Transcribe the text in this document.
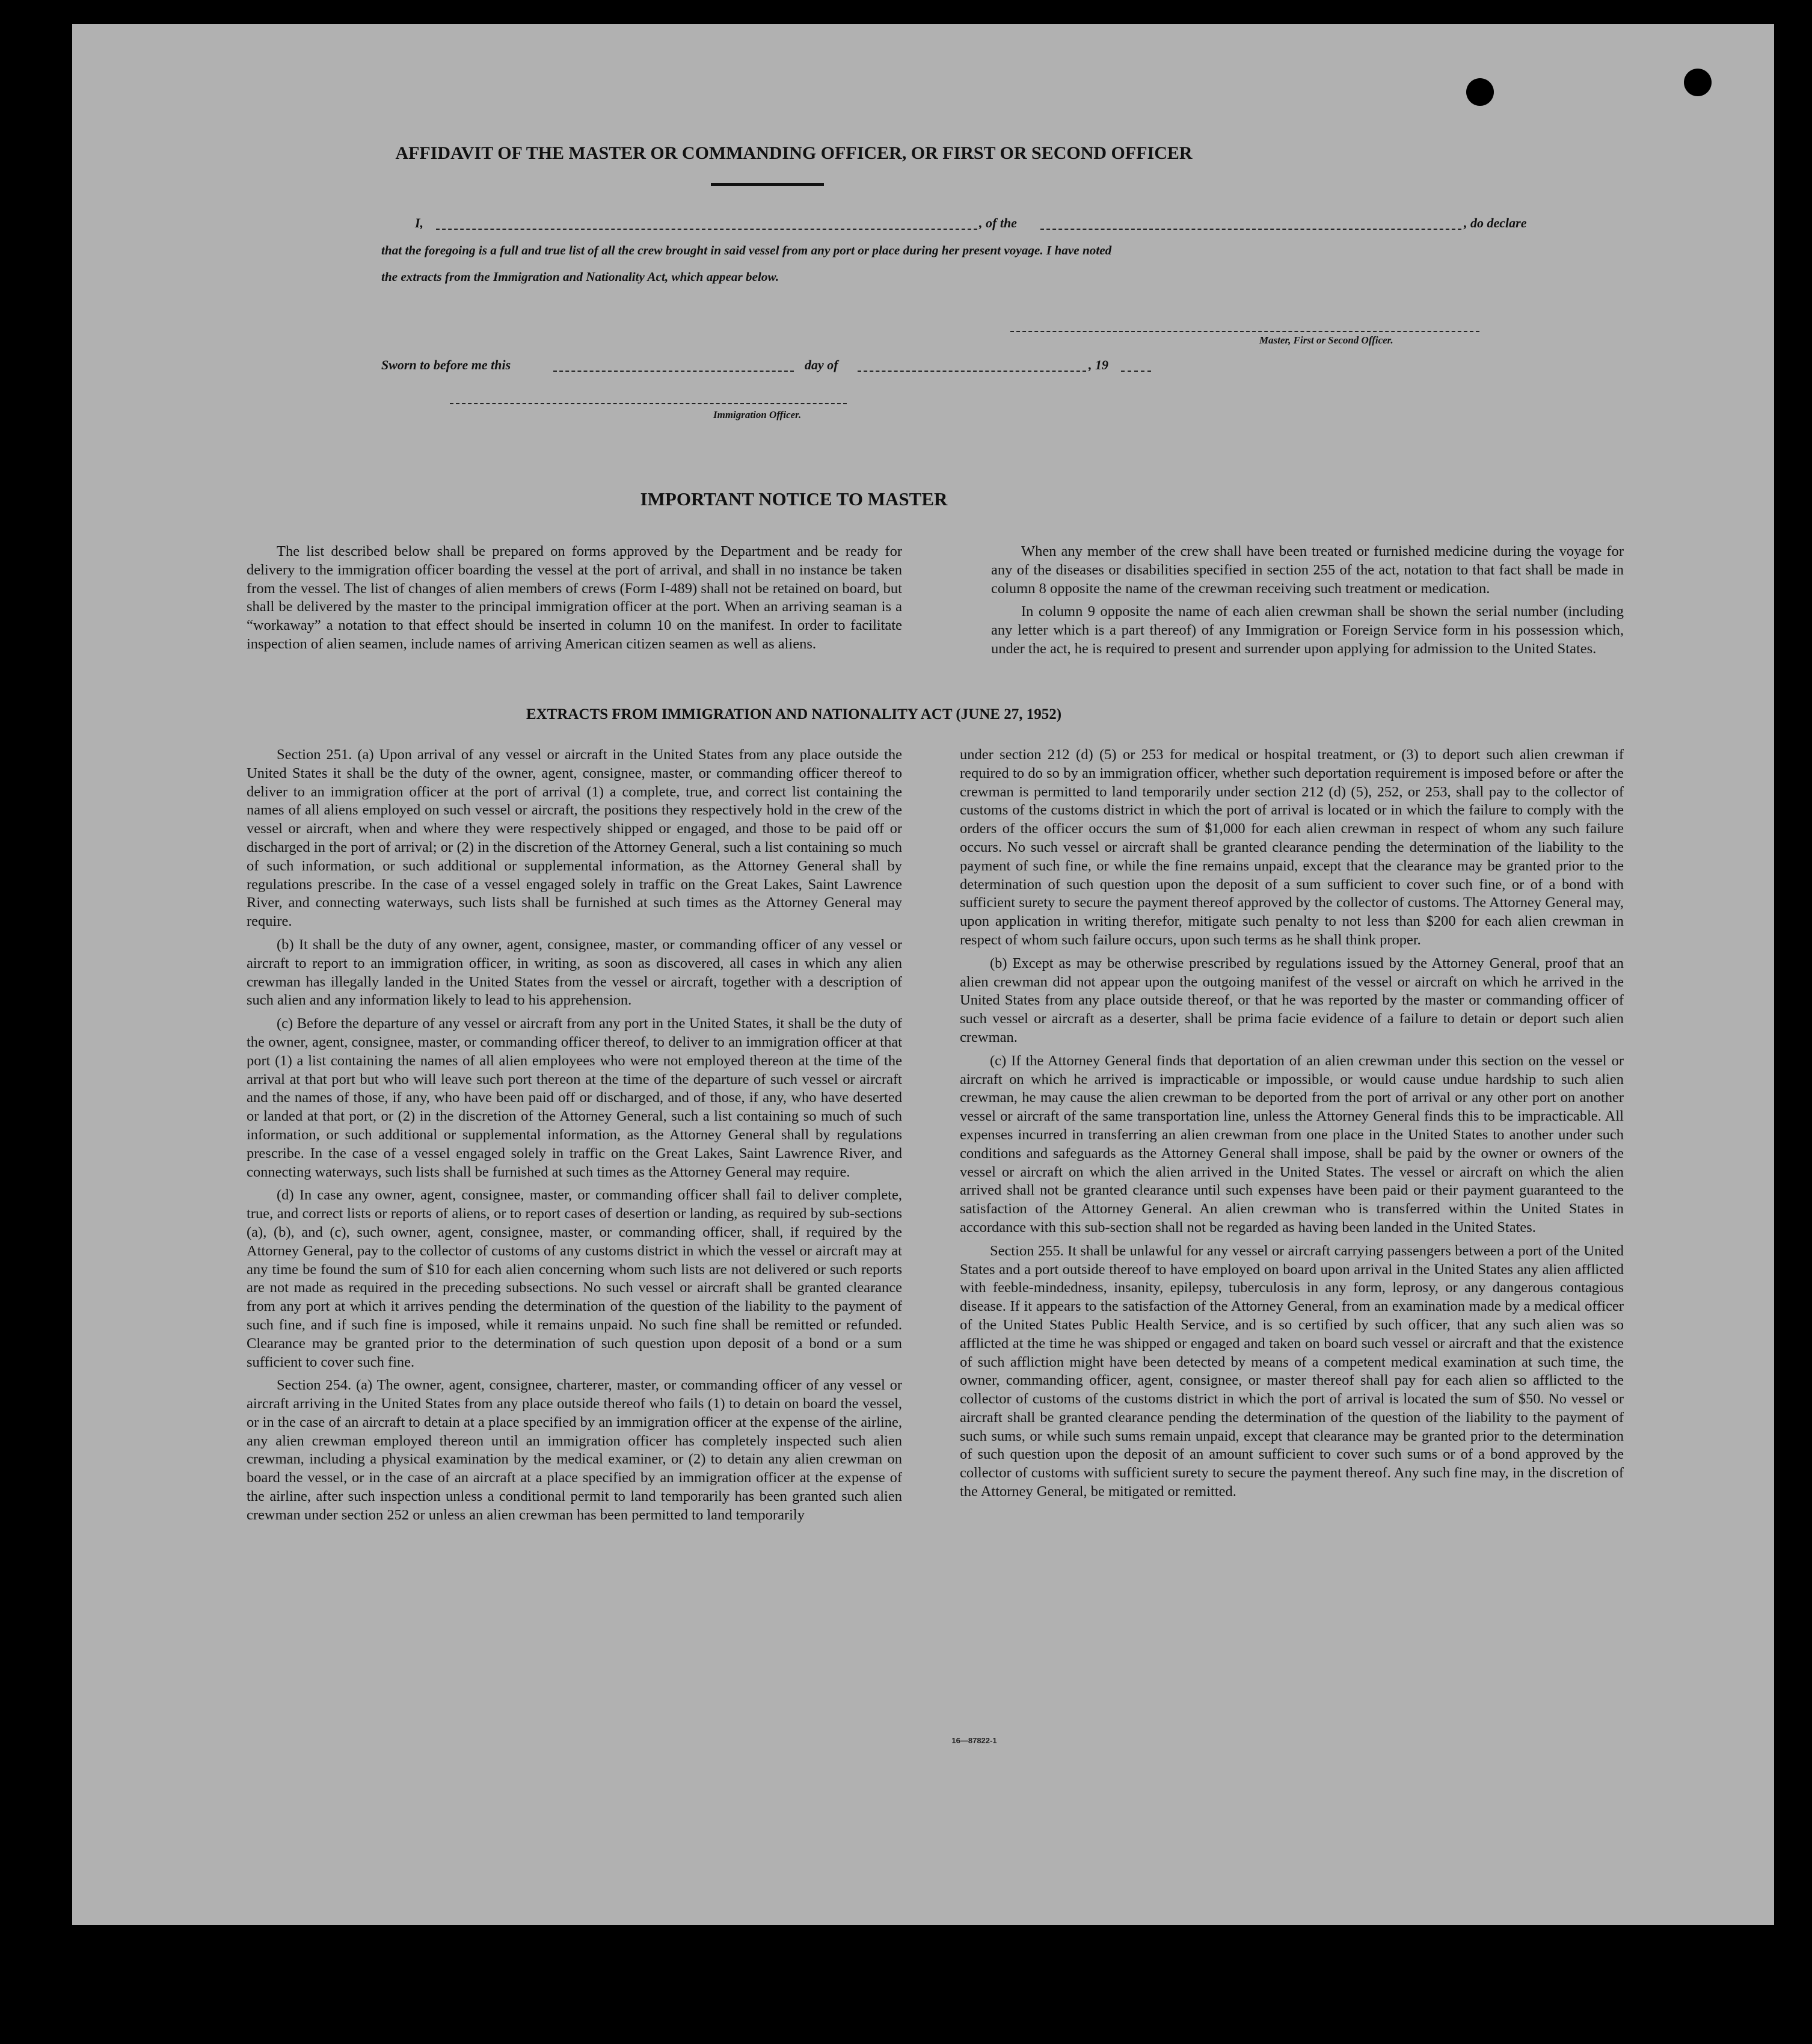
AFFIDAVIT OF THE MASTER OR COMMANDING OFFICER, OR FIRST OR SECOND OFFICER
I,	, of the	, do declare
that the foregoing is a full and true list of all the crew brought in said vessel from any port or place during her present voyage. I have noted
the extracts from the Immigration and Nationality Act, which appear below.
Master, First or Second Officer.
Sworn to before me this	day of	, 19
Immigration Officer.
IMPORTANT NOTICE TO MASTER

The list described below shall be prepared on forms approved by the Department and be ready for delivery to the immigration officer boarding the vessel at the port of arrival, and shall in no instance be taken from the vessel. The list of changes of alien members of crews (Form I-489) shall not be retained on board, but shall be delivered by the master to the principal immigration officer at the port. When an arriving seaman is a “workaway” a notation to that effect should be inserted in column 10 on the manifest. In order to facilitate inspection of alien seamen, include names of arriving American citizen seamen as well as aliens.

When any member of the crew shall have been treated or furnished medicine during the voyage for any of the diseases or disabilities specified in section 255 of the act, notation to that fact shall be made in column 8 opposite the name of the crewman receiving such treatment or medication.

In column 9 opposite the name of each alien crewman shall be shown the serial number (including any letter which is a part thereof) of any Immigration or Foreign Service form in his possession which, under the act, he is required to present and surrender upon applying for admission to the United States.

EXTRACTS FROM IMMIGRATION AND NATIONALITY ACT (JUNE 27, 1952)

Section 251. (a) Upon arrival of any vessel or aircraft in the United States from any place outside the United States it shall be the duty of the owner, agent, consignee, master, or commanding officer thereof to deliver to an immigration officer at the port of arrival (1) a complete, true, and correct list containing the names of all aliens employed on such vessel or aircraft, the positions they respectively hold in the crew of the vessel or aircraft, when and where they were respectively shipped or engaged, and those to be paid off or discharged in the port of arrival; or (2) in the discretion of the Attorney General, such a list containing so much of such information, or such additional or supplemental information, as the Attorney General shall by regulations prescribe. In the case of a vessel engaged solely in traffic on the Great Lakes, Saint Lawrence River, and connecting waterways, such lists shall be furnished at such times as the Attorney General may require.

(b) It shall be the duty of any owner, agent, consignee, master, or commanding officer of any vessel or aircraft to report to an immigration officer, in writing, as soon as discovered, all cases in which any alien crewman has illegally landed in the United States from the vessel or aircraft, together with a description of such alien and any information likely to lead to his apprehension.

(c) Before the departure of any vessel or aircraft from any port in the United States, it shall be the duty of the owner, agent, consignee, master, or commanding officer thereof, to deliver to an immigration officer at that port (1) a list containing the names of all alien employees who were not employed thereon at the time of the arrival at that port but who will leave such port thereon at the time of the departure of such vessel or aircraft and the names of those, if any, who have been paid off or discharged, and of those, if any, who have deserted or landed at that port, or (2) in the discretion of the Attorney General, such a list containing so much of such information, or such additional or supplemental information, as the Attorney General shall by regulations prescribe. In the case of a vessel engaged solely in traffic on the Great Lakes, Saint Lawrence River, and connecting waterways, such lists shall be furnished at such times as the Attorney General may require.

(d) In case any owner, agent, consignee, master, or commanding officer shall fail to deliver complete, true, and correct lists or reports of aliens, or to report cases of desertion or landing, as required by sub-sections (a), (b), and (c), such owner, agent, consignee, master, or commanding officer, shall, if required by the Attorney General, pay to the collector of customs of any customs district in which the vessel or aircraft may at any time be found the sum of $10 for each alien concerning whom such lists are not delivered or such reports are not made as required in the preceding subsections. No such vessel or aircraft shall be granted clearance from any port at which it arrives pending the determination of the question of the liability to the payment of such fine, and if such fine is imposed, while it remains unpaid. No such fine shall be remitted or refunded. Clearance may be granted prior to the determination of such question upon deposit of a bond or a sum sufficient to cover such fine.

Section 254. (a) The owner, agent, consignee, charterer, master, or commanding officer of any vessel or aircraft arriving in the United States from any place outside thereof who fails (1) to detain on board the vessel, or in the case of an aircraft to detain at a place specified by an immigration officer at the expense of the airline, any alien crewman employed thereon until an immigration officer has completely inspected such alien crewman, including a physical examination by the medical examiner, or (2) to detain any alien crewman on board the vessel, or in the case of an aircraft at a place specified by an immigration officer at the expense of the airline, after such inspection unless a conditional permit to land temporarily has been granted such alien crewman under section 252 or unless an alien crewman has been permitted to land temporarily

under section 212 (d) (5) or 253 for medical or hospital treatment, or (3) to deport such alien crewman if required to do so by an immigration officer, whether such deportation requirement is imposed before or after the crewman is permitted to land temporarily under section 212 (d) (5), 252, or 253, shall pay to the collector of customs of the customs district in which the port of arrival is located or in which the failure to comply with the orders of the officer occurs the sum of $1,000 for each alien crewman in respect of whom any such failure occurs. No such vessel or aircraft shall be granted clearance pending the determination of the liability to the payment of such fine, or while the fine remains unpaid, except that the clearance may be granted prior to the determination of such question upon the deposit of a sum sufficient to cover such fine, or of a bond with sufficient surety to secure the payment thereof approved by the collector of customs. The Attorney General may, upon application in writing therefor, mitigate such penalty to not less than $200 for each alien crewman in respect of whom such failure occurs, upon such terms as he shall think proper.

(b) Except as may be otherwise prescribed by regulations issued by the Attorney General, proof that an alien crewman did not appear upon the outgoing manifest of the vessel or aircraft on which he arrived in the United States from any place outside thereof, or that he was reported by the master or commanding officer of such vessel or aircraft as a deserter, shall be prima facie evidence of a failure to detain or deport such alien crewman.

(c) If the Attorney General finds that deportation of an alien crewman under this section on the vessel or aircraft on which he arrived is impracticable or impossible, or would cause undue hardship to such alien crewman, he may cause the alien crewman to be deported from the port of arrival or any other port on another vessel or aircraft of the same transportation line, unless the Attorney General finds this to be impracticable. All expenses incurred in transferring an alien crewman from one place in the United States to another under such conditions and safeguards as the Attorney General shall impose, shall be paid by the owner or owners of the vessel or aircraft on which the alien arrived in the United States. The vessel or aircraft on which the alien arrived shall not be granted clearance until such expenses have been paid or their payment guaranteed to the satisfaction of the Attorney General. An alien crewman who is transferred within the United States in accordance with this sub-section shall not be regarded as having been landed in the United States.

Section 255. It shall be unlawful for any vessel or aircraft carrying passengers between a port of the United States and a port outside thereof to have employed on board upon arrival in the United States any alien afflicted with feeble-mindedness, insanity, epilepsy, tuberculosis in any form, leprosy, or any dangerous contagious disease. If it appears to the satisfaction of the Attorney General, from an examination made by a medical officer of the United States Public Health Service, and is so certified by such officer, that any such alien was so afflicted at the time he was shipped or engaged and taken on board such vessel or aircraft and that the existence of such affliction might have been detected by means of a competent medical examination at such time, the owner, commanding officer, agent, consignee, or master thereof shall pay for each alien so afflicted to the collector of customs of the customs district in which the port of arrival is located the sum of $50. No vessel or aircraft shall be granted clearance pending the determination of the question of the liability to the payment of such sums, or while such sums remain unpaid, except that clearance may be granted prior to the determination of such question upon the deposit of an amount sufficient to cover such sums or of a bond approved by the collector of customs with sufficient surety to secure the payment thereof. Any such fine may, in the discretion of the Attorney General, be mitigated or remitted.

16—87822-1
